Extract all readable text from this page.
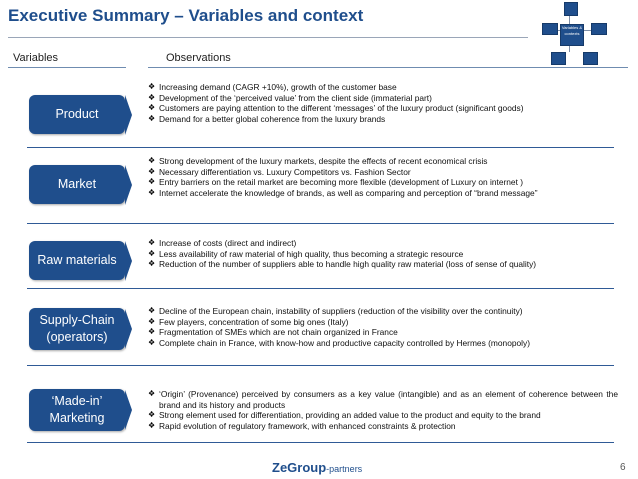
Executive Summary – Variables and context
Variables & contexts
Variables	Observations
Product
❖ Increasing demand (CAGR +10%), growth of the customer base
❖ Development of the ‘perceived value’ from the client side (immaterial part)
❖ Customers are paying attention to the different ‘messages’ of the luxury product (significant goods)
❖ Demand for a better global coherence from the luxury brands
Market
❖ Strong development of the luxury markets, despite the effects of recent economical crisis
❖ Necessary differentiation vs. Luxury Competitors vs. Fashion Sector
❖ Entry barriers on the retail market are becoming more flexible (development of Luxury on internet )
❖ Internet accelerate the knowledge of brands, as well as comparing and perception of “brand message”
Raw materials
❖ Increase of costs (direct and indirect)
❖ Less availability of raw material of high quality, thus becoming a strategic resource
❖ Reduction of the number of suppliers able to handle high quality raw material (loss of sense of quality)
Supply-Chain (operators)
❖ Decline of the European chain, instability of suppliers (reduction of the visibility over the continuity)
❖ Few players, concentration of some big ones (Italy)
❖ Fragmentation of SMEs which are not chain organized in France
❖ Complete chain in France, with know-how and productive capacity controlled by Hermes (monopoly)
‘Made-in’ Marketing
❖ ‘Origin’ (Provenance) perceived by consumers as a key value (intangible) and as an element of coherence between the brand and its history and products
❖ Strong element used for differentiation, providing an added value to the product and equity to the brand
❖ Rapid evolution of regulatory framework, with enhanced constraints & protection
ZeGroup-partners	6
